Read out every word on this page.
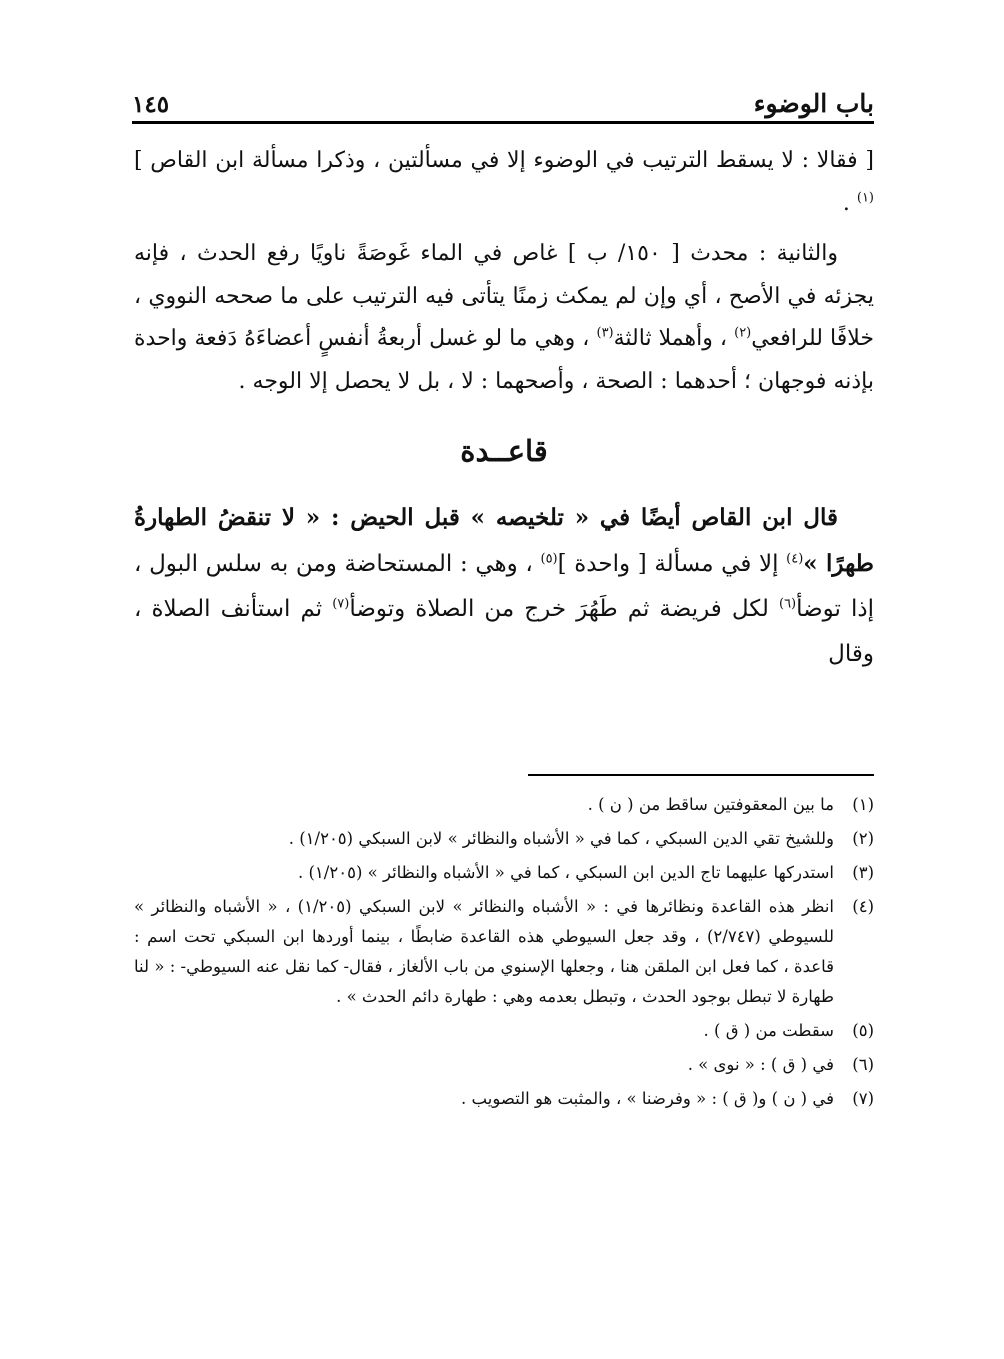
باب الوضوء
١٤٥

[ فقالا : لا يسقط الترتيب في الوضوء إلا في مسألتين ، وذكرا مسألة ابن القاص ]$^{(١)}$ .

والثانية : محدث [ ١٥٠/ ب ] غاص في الماء غَوصَةً ناويًا رفع الحدث ، فإنه يجزئه في الأصح ، أي وإن لم يمكث زمنًا يتأتى فيه الترتيب على ما صححه النووي ، خلافًا للرافعي$^{(٢)}$ ، وأهملا ثالثة$^{(٣)}$ ، وهي ما لو غسل أربعةُ أنفسٍ أعضاءَهُ دَفعة واحدة بإذنه فوجهان ؛ أحدهما : الصحة ، وأصحهما : لا ، بل لا يحصل إلا الوجه .

قاعــدة

قال ابن القاص أيضًا في « تلخيصه » قبل الحيض : « لا تنقضُ الطهارةُ طهرًا »$^{(٤)}$ إلا في مسألة [ واحدة ]$^{(٥)}$ ، وهي : المستحاضة ومن به سلس البول ، إذا توضأ$^{(٦)}$ لكل فريضة ثم طَهُرَ خرج من الصلاة وتوضأ$^{(٧)}$ ثم استأنف الصلاة ، وقال

(١)
ما بين المعقوفتين ساقط من ( ن ) .
(٢)
وللشيخ تقي الدين السبكي ، كما في « الأشباه والنظائر » لابن السبكي (١/٢٠٥) .
(٣)
استدركها عليهما تاج الدين ابن السبكي ، كما في « الأشباه والنظائر » (١/٢٠٥) .
(٤)
انظر هذه القاعدة ونظائرها في : « الأشباه والنظائر » لابن السبكي (١/٢٠٥) ، « الأشباه والنظائر » للسيوطي (٢/٧٤٧) ، وقد جعل السيوطي هذه القاعدة ضابطًا ، بينما أوردها ابن السبكي تحت اسم : قاعدة ، كما فعل ابن الملقن هنا ، وجعلها الإسنوي من باب الألغاز ، فقال- كما نقل عنه السيوطي- : « لنا طهارة لا تبطل بوجود الحدث ، وتبطل بعدمه وهي : طهارة دائم الحدث » .
(٥)
سقطت من ( ق ) .
(٦)
في ( ق ) : « نوى » .
(٧)
في ( ن ) و( ق ) : « وفرضنا » ، والمثبت هو التصويب .
